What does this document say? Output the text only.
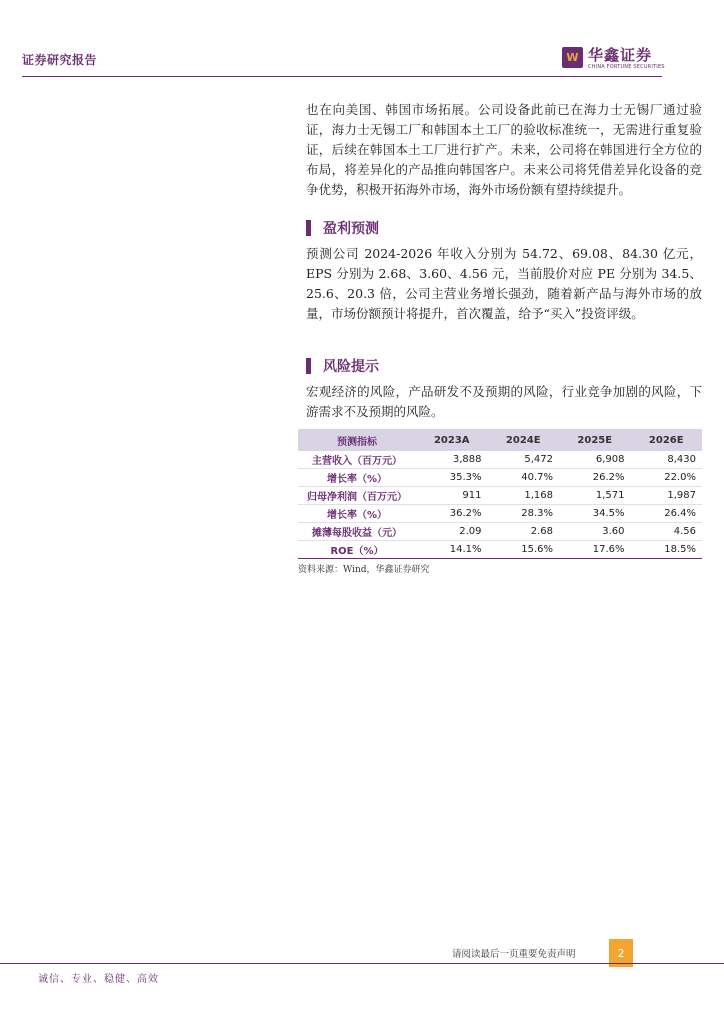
证券研究报告	W 华鑫证券
CHINA FORTUNE SECURITIES

也在向美国、韩国市场拓展。公司设备此前已在海力士无锡厂通过验证，海力士无锡工厂和韩国本土工厂的验收标准统一，无需进行重复验证，后续在韩国本土工厂进行扩产。未来，公司将在韩国进行全方位的布局，将差异化的产品推向韩国客户。未来公司将凭借差异化设备的竞争优势，积极开拓海外市场，海外市场份额有望持续提升。

盈利预测

预测公司 2024-2026 年收入分别为 54.72、69.08、84.30 亿元，EPS 分别为 2.68、3.60、4.56 元，当前股价对应 PE 分别为 34.5、25.6、20.3 倍，公司主营业务增长强劲，随着新产品与海外市场的放量，市场份额预计将提升，首次覆盖，给予“买入”投资评级。

风险提示

宏观经济的风险，产品研发不及预期的风险，行业竞争加剧的风险，下游需求不及预期的风险。

预测指标	2023A	2024E	2025E	2026E
主营收入（百万元）	3,888	5,472	6,908	8,430
增长率（%）	35.3%	40.7%	26.2%	22.0%
归母净利润（百万元）	911	1,168	1,571	1,987
增长率（%）	36.2%	28.3%	34.5%	26.4%
摊薄每股收益（元）	2.09	2.68	3.60	4.56
ROE（%）	14.1%	15.6%	17.6%	18.5%
资料来源：Wind，华鑫证券研究
请阅读最后一页重要免责声明	2
诚信、专业、稳健、高效
